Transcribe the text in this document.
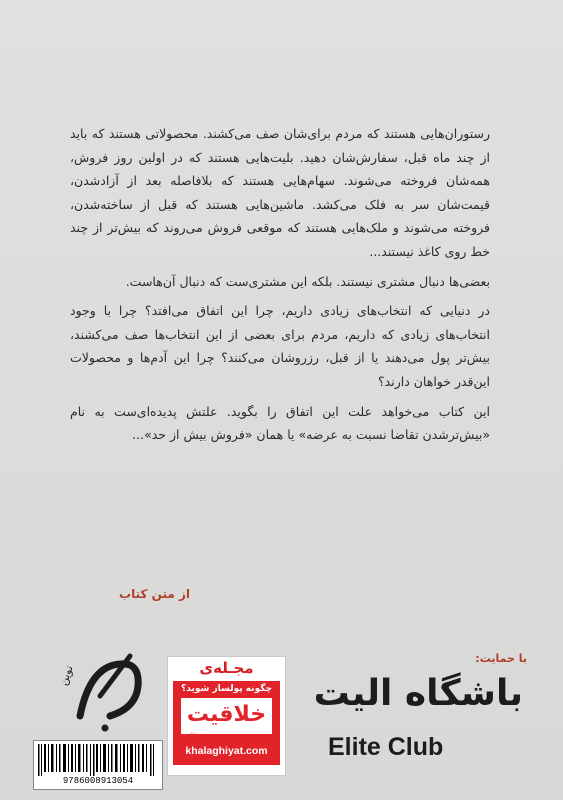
رستوران‌هایی هستند که مردم برای‌شان صف می‌کشند. محصولاتی هستند که باید از چند ماه قبل، سفارش‌شان دهید. بلیت‌هایی هستند که در اولین روز فروش، همه‌شان فروخته می‌شوند. سهام‌هایی هستند که بلافاصله بعد از آزادشدن، قیمت‌شان سر به فلک می‌کشد. ماشین‌هایی هستند که قبل از ساخته‌شدن، فروخته می‌شوند و ملک‌هایی هستند که موقعی فروش می‌روند که بیش‌تر از چند خط روی کاغذ نیستند...

بعضی‌ها دنبال مشتری نیستند. بلکه این مشتری‌ست که دنبال آن‌هاست.

در دنیایی که انتخاب‌های زیادی داریم، چرا این اتفاق می‌افتد؟ چرا با وجود انتخاب‌های زیادی که داریم، مردم برای بعضی از این انتخاب‌ها صف می‌کشند، بیش‌تر پول می‌دهند یا از قبل، رزروشان می‌کنند؟ چرا این آدم‌ها و محصولات این‌قدر خواهان دارند؟

این کتاب می‌خواهد علت این اتفاق را بگوید. علتش پدیده‌ای‌ست به نام «بیش‌ترشدن تقاضا نسبت به عرضه» یا همان «فروش بیش از حد»...

از متن کتاب
با حمایت:
باشگاه الیت
Elite Club
مجـله‌ی
چگونه پولساز شوید؟
خلاقیت
نشر
khalaghiyat.com
نوین
9786008913054
